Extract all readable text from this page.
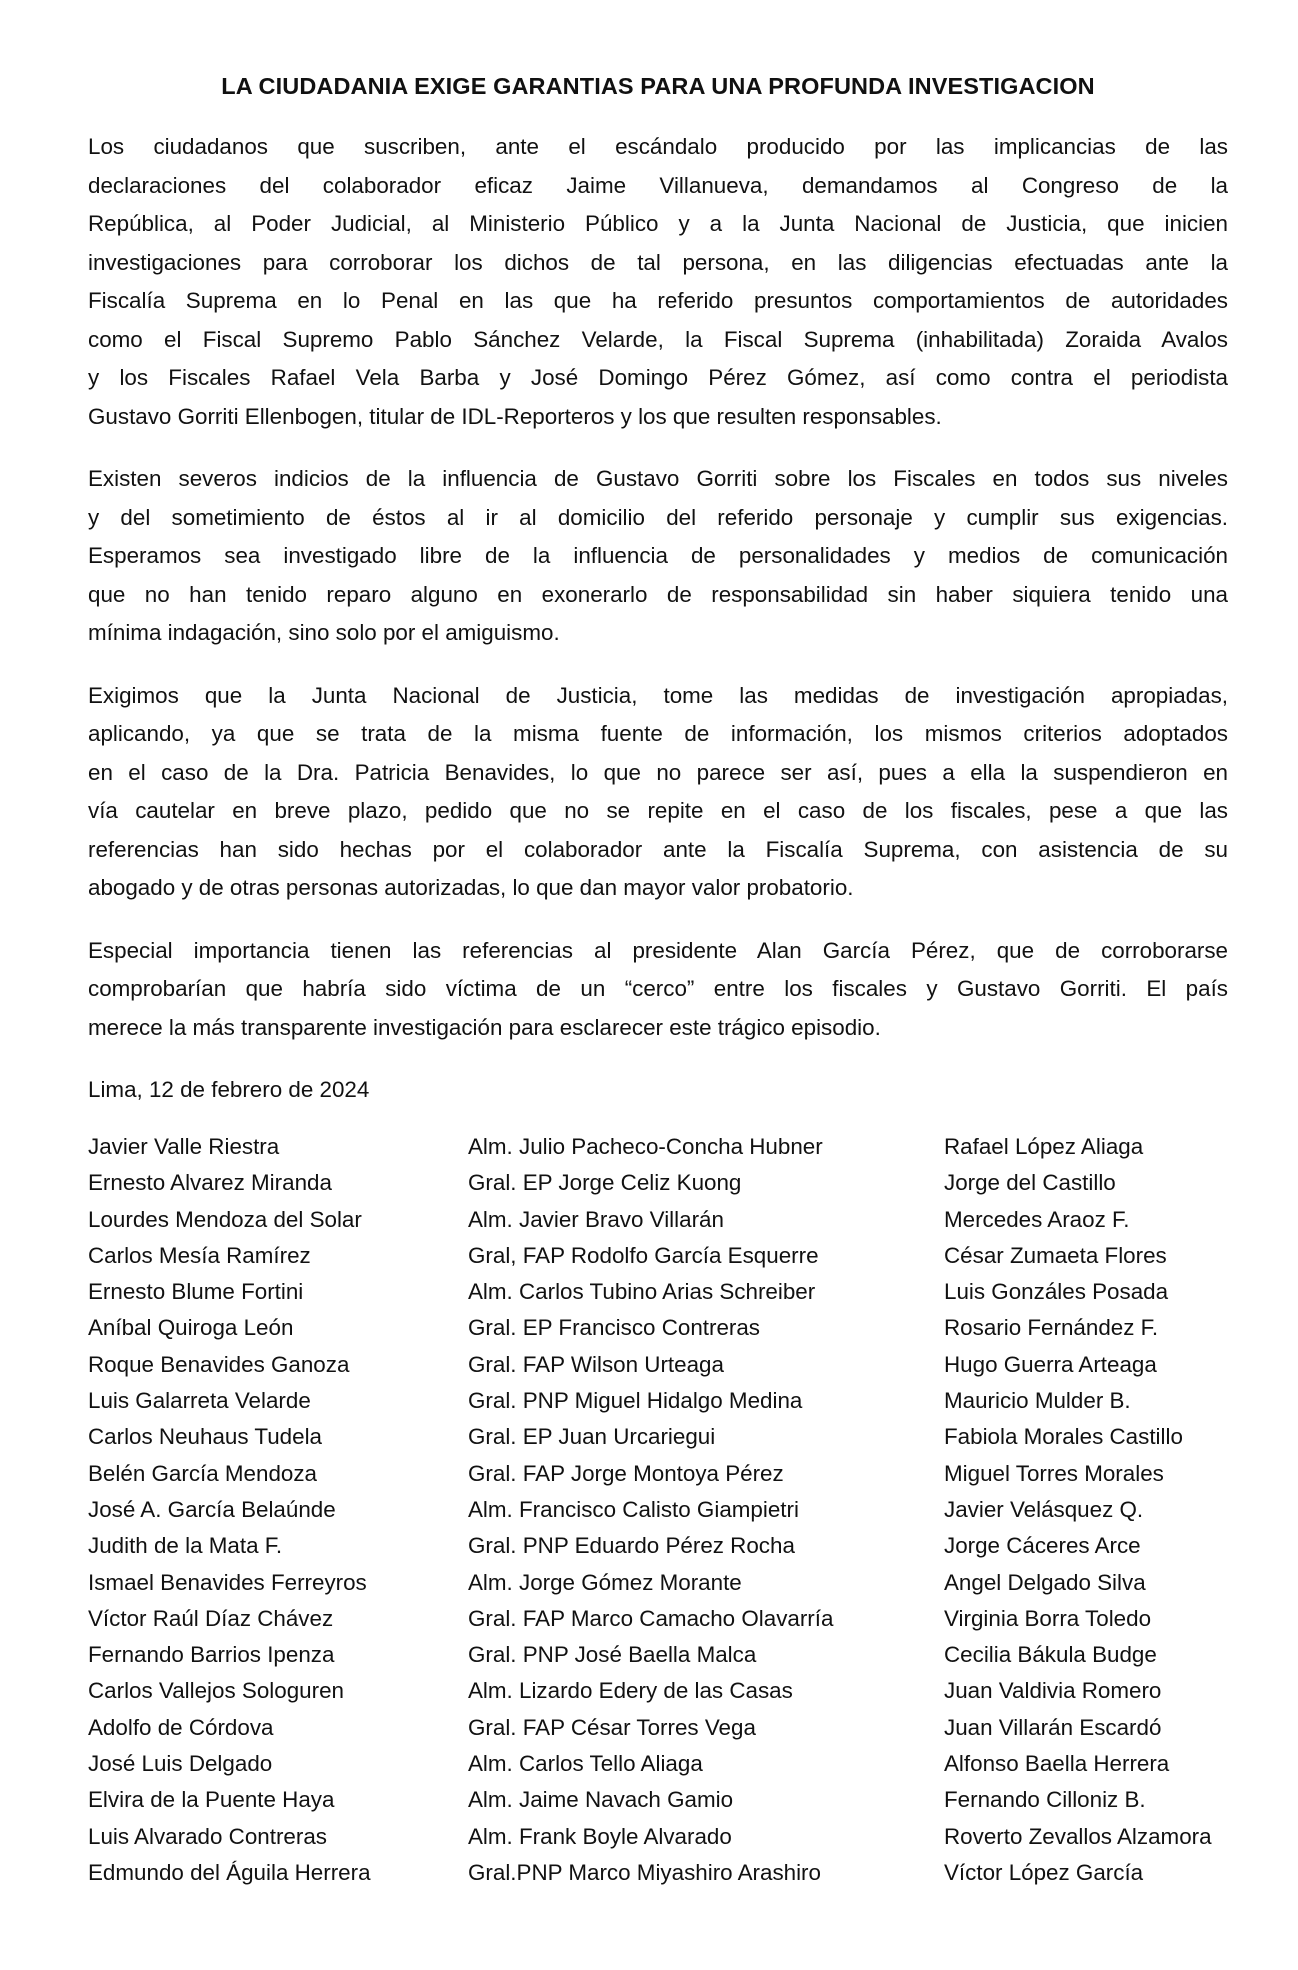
LA CIUDADANIA EXIGE GARANTIAS PARA UNA PROFUNDA INVESTIGACION
Los ciudadanos que suscriben, ante el escándalo producido por las implicancias de las
declaraciones del colaborador eficaz Jaime Villanueva, demandamos al Congreso de la
República, al Poder Judicial, al Ministerio Público y a la Junta Nacional de Justicia, que inicien
investigaciones para corroborar los dichos de tal persona, en las diligencias efectuadas ante la
Fiscalía Suprema en lo Penal en las que ha referido presuntos comportamientos de autoridades
como el Fiscal Supremo Pablo Sánchez Velarde, la Fiscal Suprema (inhabilitada) Zoraida Avalos
y los Fiscales Rafael Vela Barba y José Domingo Pérez Gómez, así como contra el periodista
Gustavo Gorriti Ellenbogen, titular de IDL-Reporteros y los que resulten responsables.
Existen severos indicios de la influencia de Gustavo Gorriti sobre los Fiscales en todos sus niveles
y del sometimiento de éstos al ir al domicilio del referido personaje y cumplir sus exigencias.
Esperamos sea investigado libre de la influencia de personalidades y medios de comunicación
que no han tenido reparo alguno en exonerarlo de responsabilidad sin haber siquiera tenido una
mínima indagación, sino solo por el amiguismo.
Exigimos que la Junta Nacional de Justicia, tome las medidas de investigación apropiadas,
aplicando, ya que se trata de la misma fuente de información, los mismos criterios adoptados
en el caso de la Dra. Patricia Benavides, lo que no parece ser así, pues a ella la suspendieron en
vía cautelar en breve plazo, pedido que no se repite en el caso de los fiscales, pese a que las
referencias han sido hechas por el colaborador ante la Fiscalía Suprema, con asistencia de su
abogado y de otras personas autorizadas, lo que dan mayor valor probatorio.
Especial importancia tienen las referencias al presidente Alan García Pérez, que de corroborarse
comprobarían que habría sido víctima de un “cerco” entre los fiscales y Gustavo Gorriti. El país
merece la más transparente investigación para esclarecer este trágico episodio.
Lima, 12 de febrero de 2024
Javier Valle Riestra
Ernesto Alvarez Miranda
Lourdes Mendoza del Solar
Carlos Mesía Ramírez
Ernesto Blume Fortini
Aníbal Quiroga León
Roque Benavides Ganoza
Luis Galarreta Velarde
Carlos Neuhaus Tudela
Belén García Mendoza
José A. García Belaúnde
Judith de la Mata F.
Ismael Benavides Ferreyros
Víctor Raúl Díaz Chávez
Fernando Barrios Ipenza
Carlos Vallejos Sologuren
Adolfo de Córdova
José Luis Delgado
Elvira de la Puente Haya
Luis Alvarado Contreras
Edmundo del Águila Herrera
Alm. Julio Pacheco-Concha Hubner
Gral. EP Jorge Celiz Kuong
Alm. Javier Bravo Villarán
Gral, FAP Rodolfo García Esquerre
Alm. Carlos Tubino Arias Schreiber
Gral. EP Francisco Contreras
Gral. FAP Wilson Urteaga
Gral. PNP Miguel Hidalgo Medina
Gral. EP Juan Urcariegui
Gral. FAP Jorge Montoya Pérez
Alm. Francisco Calisto Giampietri
Gral. PNP Eduardo Pérez Rocha
Alm. Jorge Gómez Morante
Gral. FAP Marco Camacho Olavarría
Gral. PNP José Baella Malca
Alm. Lizardo Edery de las Casas
Gral. FAP César Torres Vega
Alm. Carlos Tello Aliaga
Alm. Jaime Navach Gamio
Alm. Frank Boyle Alvarado
Gral.PNP Marco Miyashiro Arashiro
Rafael López Aliaga
Jorge del Castillo
Mercedes Araoz F.
César Zumaeta Flores
Luis Gonzáles Posada
Rosario Fernández F.
Hugo Guerra Arteaga
Mauricio Mulder B.
Fabiola Morales Castillo
Miguel Torres Morales
Javier Velásquez Q.
Jorge Cáceres Arce
Angel Delgado Silva
Virginia Borra Toledo
Cecilia Bákula Budge
Juan Valdivia Romero
Juan Villarán Escardó
Alfonso Baella Herrera
Fernando Cilloniz B.
Roverto Zevallos Alzamora
Víctor López García
